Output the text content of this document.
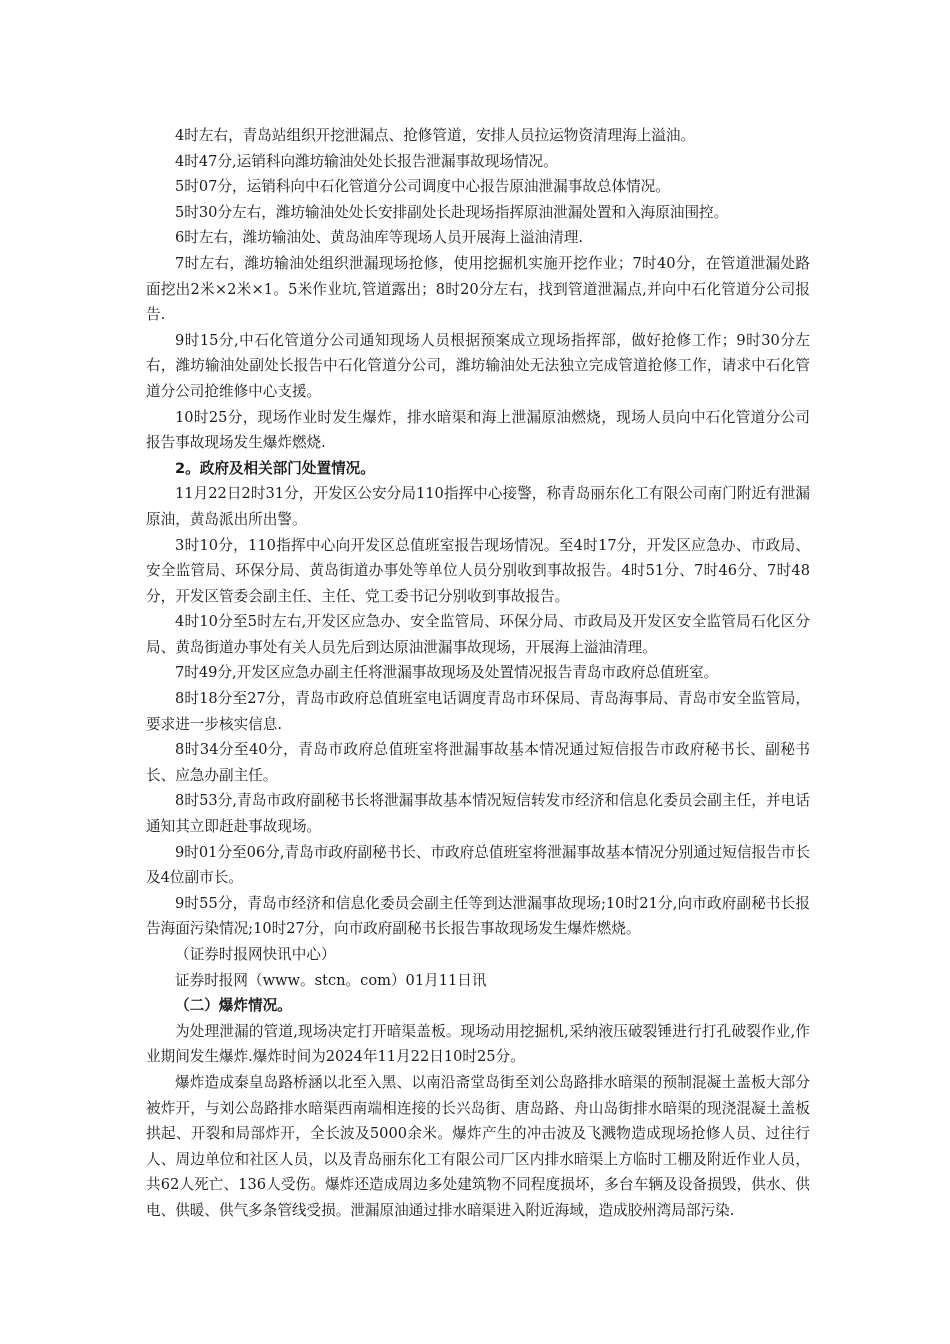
4时左右，青岛站组织开挖泄漏点、抢修管道，安排人员拉运物资清理海上溢油。

4时47分,运销科向潍坊输油处处长报告泄漏事故现场情况。

5时07分，运销科向中石化管道分公司调度中心报告原油泄漏事故总体情况。

5时30分左右，潍坊输油处处长安排副处长赴现场指挥原油泄漏处置和入海原油围控。

6时左右，潍坊输油处、黄岛油库等现场人员开展海上溢油清理.

7时左右，潍坊输油处组织泄漏现场抢修，使用挖掘机实施开挖作业；7时40分，在管道泄漏处路面挖出2米×2米×1。5米作业坑,管道露出；8时20分左右，找到管道泄漏点,并向中石化管道分公司报告.

9时15分,中石化管道分公司通知现场人员根据预案成立现场指挥部，做好抢修工作；9时30分左右，潍坊输油处副处长报告中石化管道分公司，潍坊输油处无法独立完成管道抢修工作，请求中石化管道分公司抢维修中心支援。

10时25分，现场作业时发生爆炸，排水暗渠和海上泄漏原油燃烧，现场人员向中石化管道分公司报告事故现场发生爆炸燃烧.

2。政府及相关部门处置情况。

11月22日2时31分，开发区公安分局110指挥中心接警，称青岛丽东化工有限公司南门附近有泄漏原油，黄岛派出所出警。

3时10分，110指挥中心向开发区总值班室报告现场情况。至4时17分，开发区应急办、市政局、安全监管局、环保分局、黄岛街道办事处等单位人员分别收到事故报告。4时51分、7时46分、7时48分，开发区管委会副主任、主任、党工委书记分别收到事故报告。

4时10分至5时左右,开发区应急办、安全监管局、环保分局、市政局及开发区安全监管局石化区分局、黄岛街道办事处有关人员先后到达原油泄漏事故现场，开展海上溢油清理。

7时49分,开发区应急办副主任将泄漏事故现场及处置情况报告青岛市政府总值班室。

8时18分至27分，青岛市政府总值班室电话调度青岛市环保局、青岛海事局、青岛市安全监管局，要求进一步核实信息.

8时34分至40分，青岛市政府总值班室将泄漏事故基本情况通过短信报告市政府秘书长、副秘书长、应急办副主任。

8时53分,青岛市政府副秘书长将泄漏事故基本情况短信转发市经济和信息化委员会副主任，并电话通知其立即赶赴事故现场。

9时01分至06分,青岛市政府副秘书长、市政府总值班室将泄漏事故基本情况分别通过短信报告市长及4位副市长。

9时55分，青岛市经济和信息化委员会副主任等到达泄漏事故现场;10时21分,向市政府副秘书长报告海面污染情况;10时27分，向市政府副秘书长报告事故现场发生爆炸燃烧。

（证券时报网快讯中心）

证券时报网（www。stcn。com）01月11日讯

（二）爆炸情况。

为处理泄漏的管道,现场决定打开暗渠盖板。现场动用挖掘机,采纳液压破裂锤进行打孔破裂作业,作业期间发生爆炸.爆炸时间为2024年11月22日10时25分。

爆炸造成秦皇岛路桥涵以北至入黑、以南沿斋堂岛街至刘公岛路排水暗渠的预制混凝土盖板大部分被炸开，与刘公岛路排水暗渠西南端相连接的长兴岛街、唐岛路、舟山岛街排水暗渠的现浇混凝土盖板拱起、开裂和局部炸开，全长波及5000余米。爆炸产生的冲击波及飞溅物造成现场抢修人员、过往行人、周边单位和社区人员，以及青岛丽东化工有限公司厂区内排水暗渠上方临时工棚及附近作业人员，共62人死亡、136人受伤。爆炸还造成周边多处建筑物不同程度损坏，多台车辆及设备损毁，供水、供电、供暖、供气多条管线受损。泄漏原油通过排水暗渠进入附近海域，造成胶州湾局部污染.
